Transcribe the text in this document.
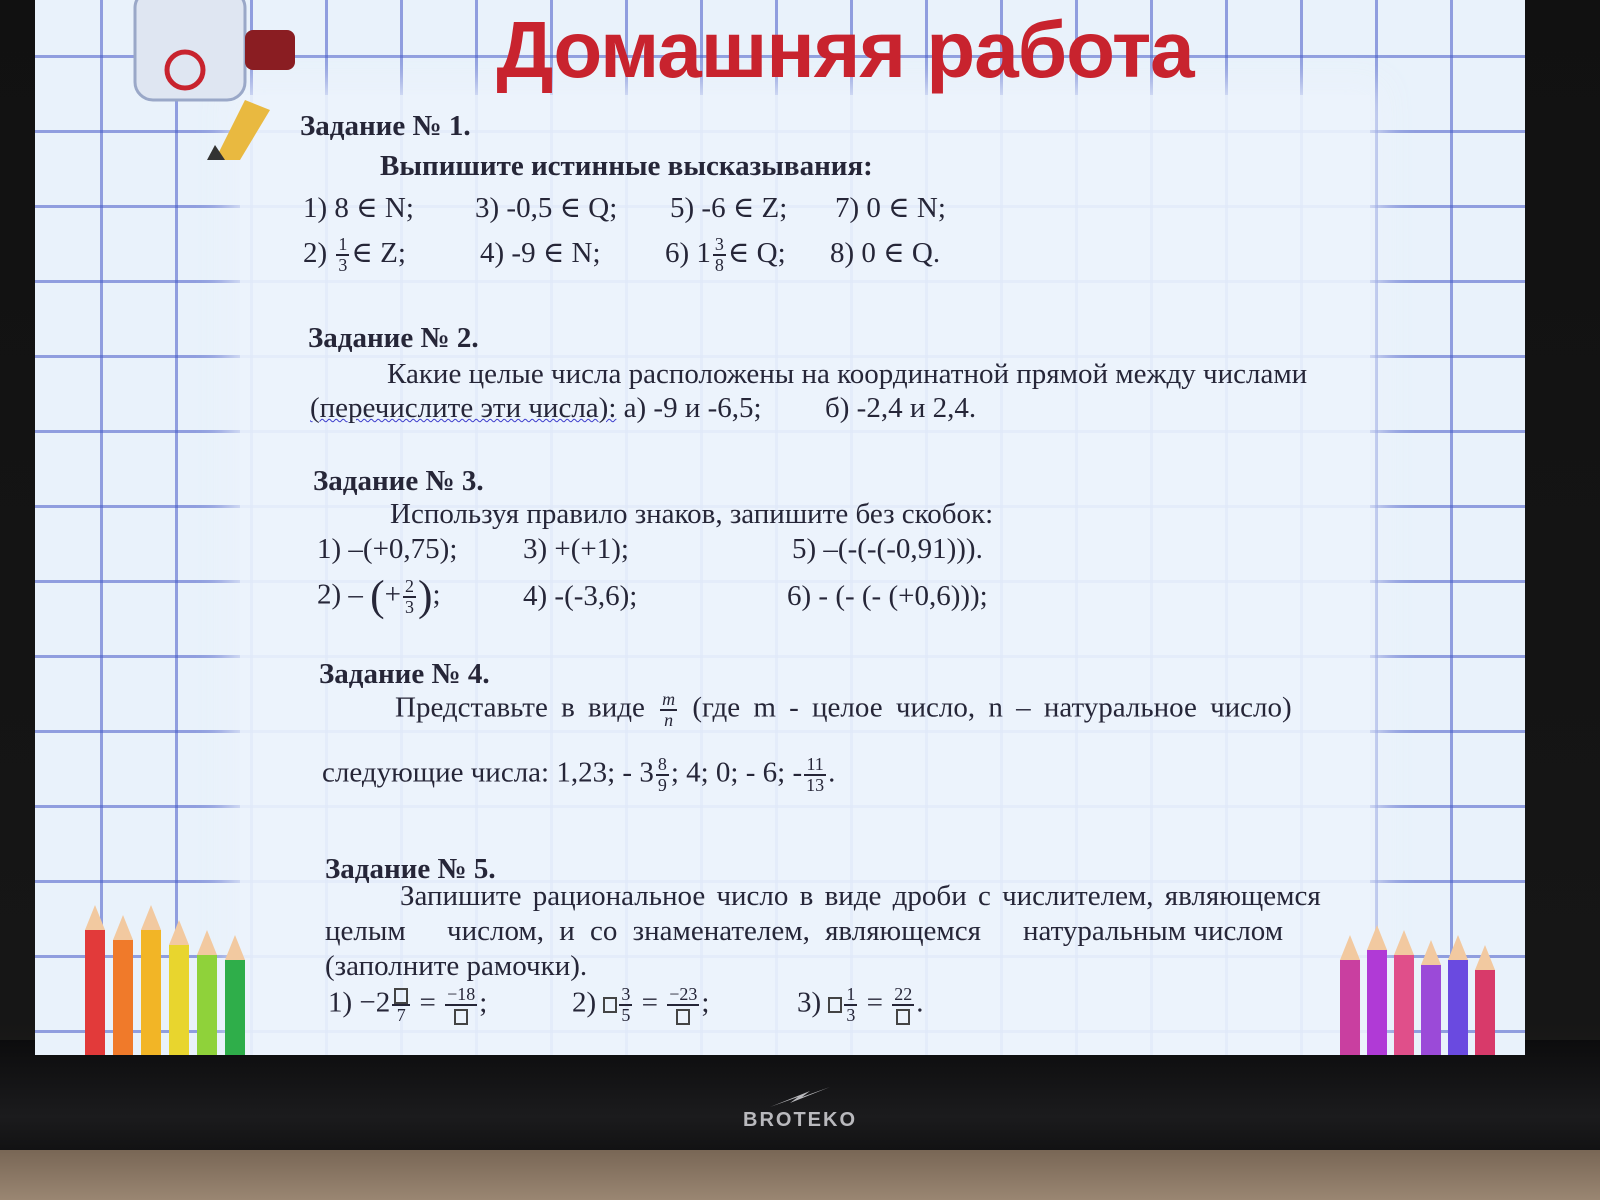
BROTEKO
Домашняя работа
Задание № 1.
Выпишите истинные высказывания:
1) 8 ∈ N; 3) -0,5 ∈ Q; 5) -6 ∈ Z; 7) 0 ∈ N;
$2) \frac{1}{3}$ ∈ Z;	4) -9 ∈ N; 6) $1 \frac{3}{8}$ ∈ Q; 8) 0 ∈ Q.
Задание № 2.
Какие целые числа расположены на координатной прямой между числами
(перечислите эти числа): а) -9 и -6,5; б) -2,4 и 2,4.
Задание № 3.
Используя правило знаков, запишите без скобок:
1) –(+0,75); 3) +(+1);	5) –(-(-(-0,91))).
2) – (+ $\frac{2}{3}$ );	4) -(-3,6);	6) - (- (- (+0,6)));
Задание № 4.
Представьте в виде $\frac{m}{n} (где$ m - целое число, n – натуральное число)
следующие числа: 1,23; - $3 \frac{8}{9}$ ; 4; 0; - 6; - $\frac{11}{13}$ .
Задание № 5.
Запишите рациональное число в виде дроби с числителем, являющемся
целым числом, и со знаменателем, являющемся натуральным числом
(заполните рамочки).
1) −2 7 = −18 ;	$2) \frac{3}{5} = -23$ ;	$3) \frac{1}{3} = 22$ .
